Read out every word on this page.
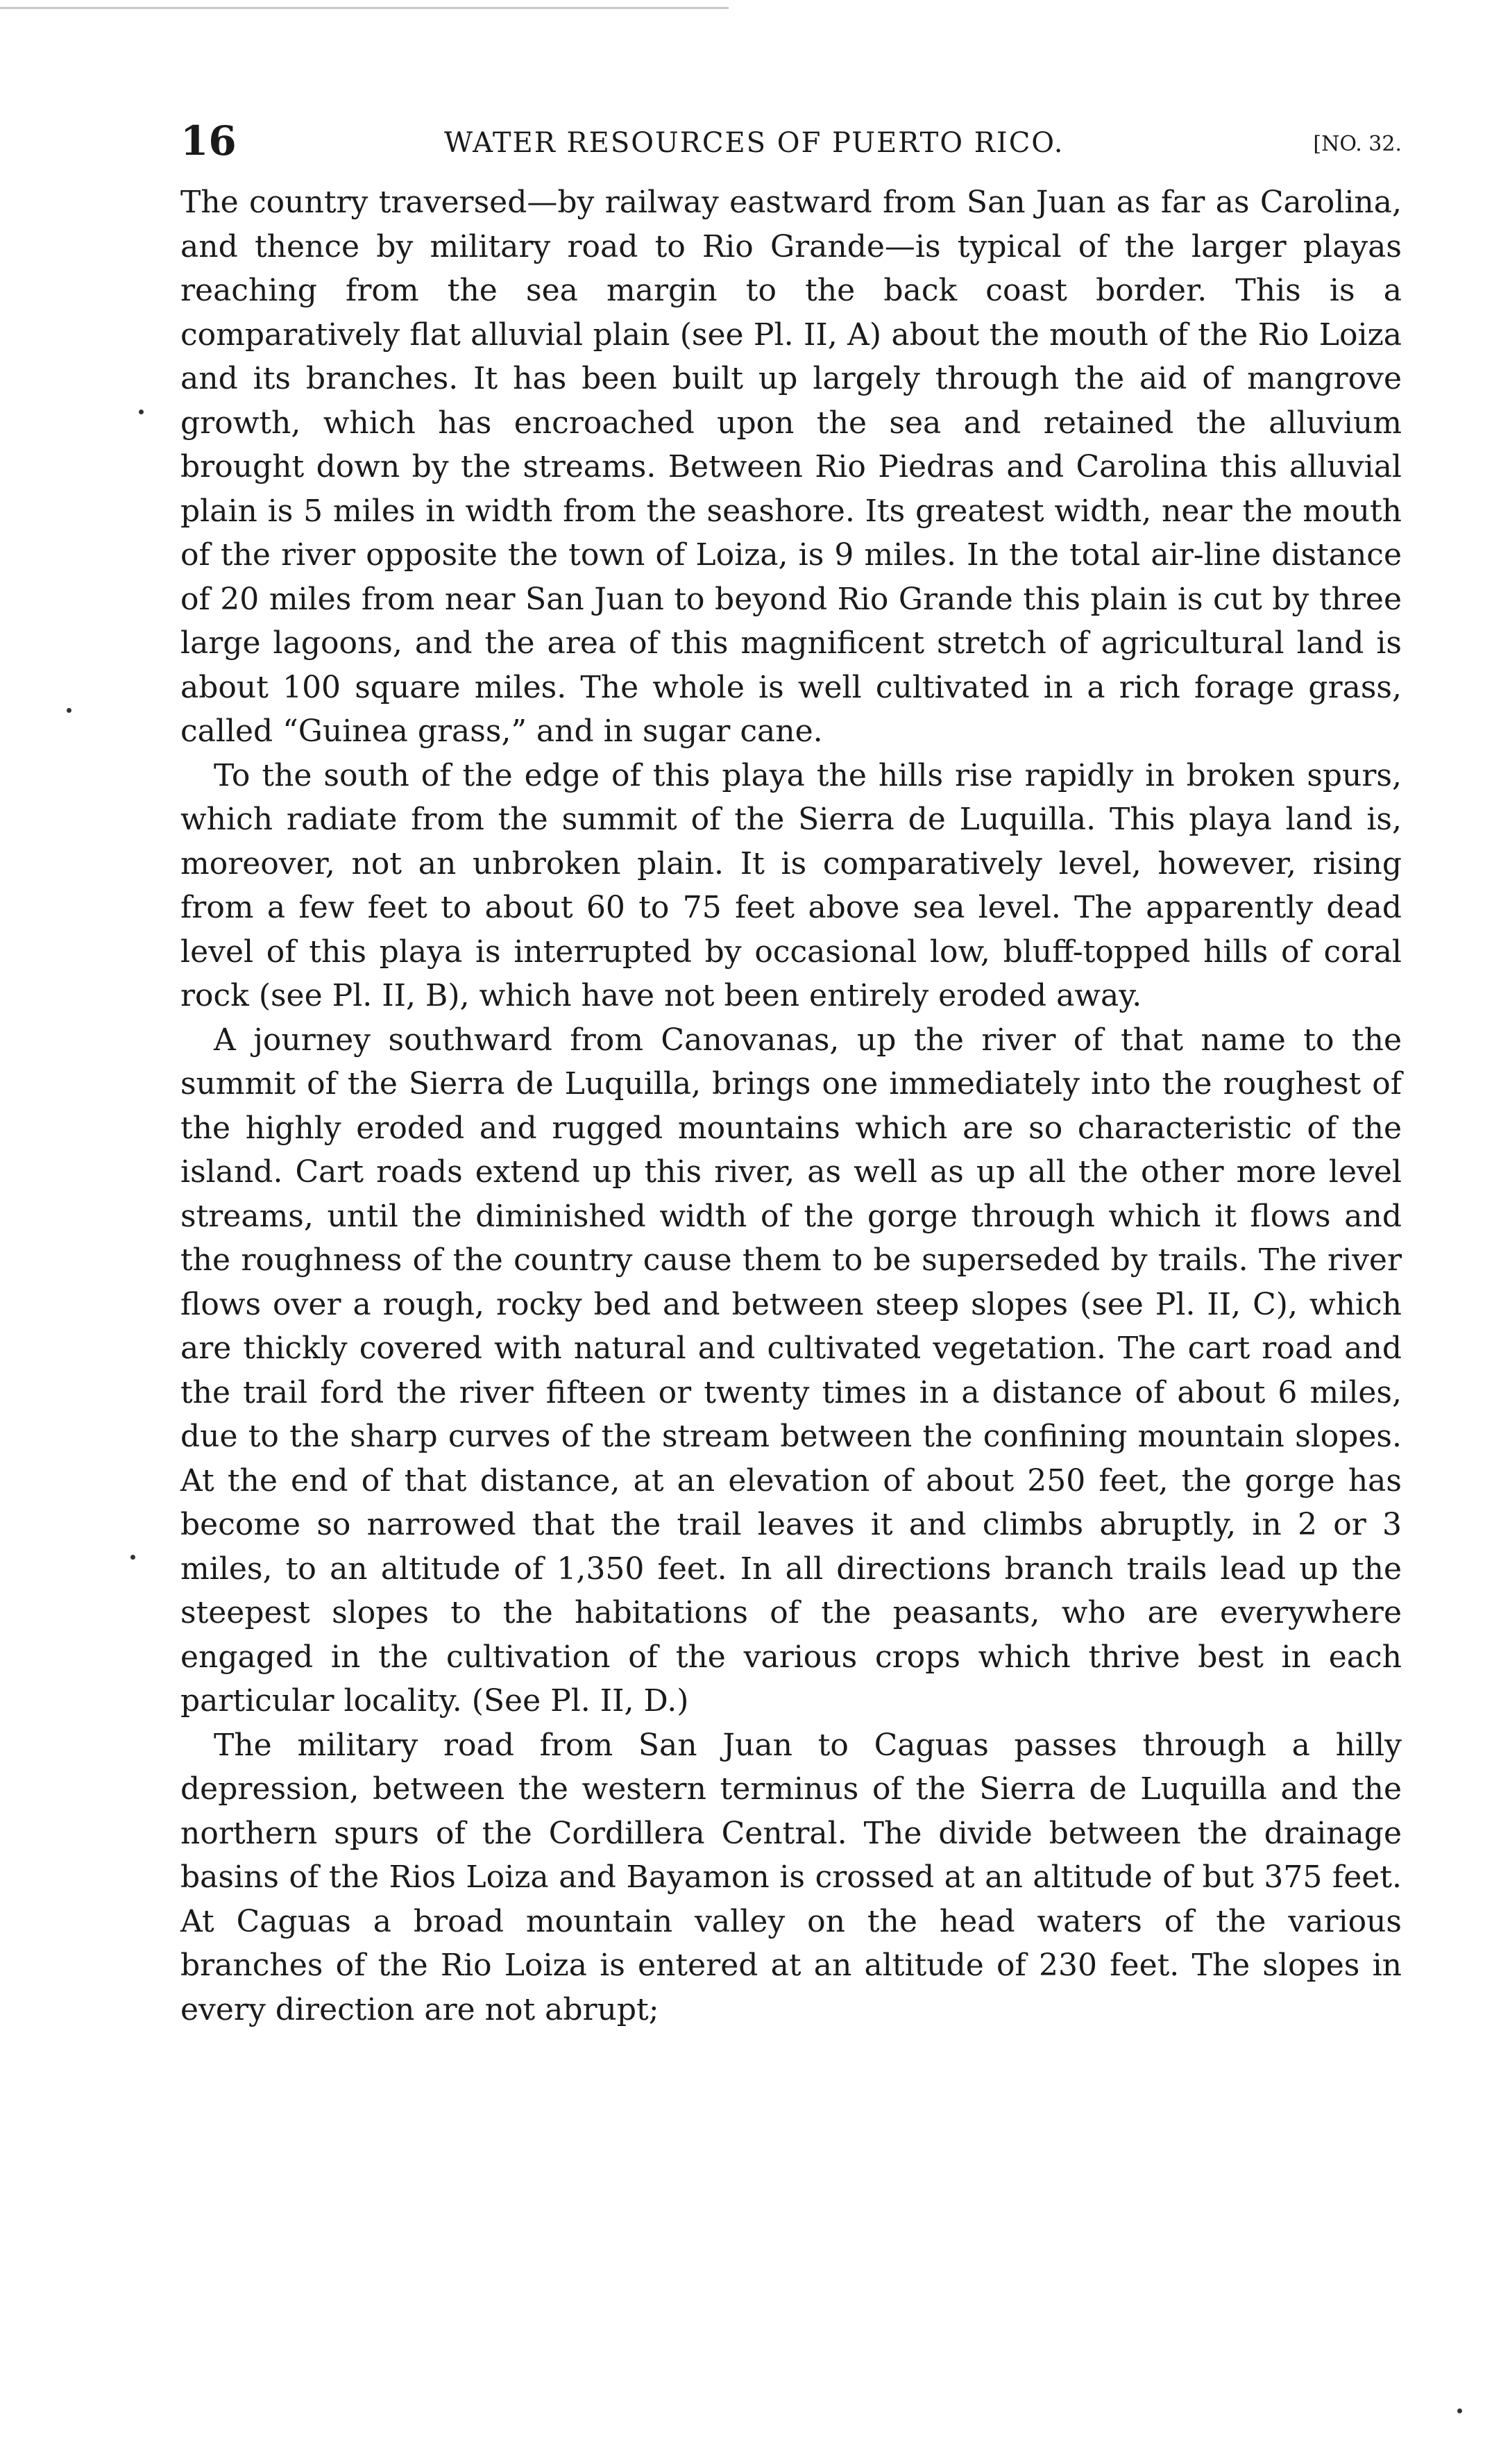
16	WATER RESOURCES OF PUERTO RICO.	[NO. 32.

The country traversed—by railway eastward from San Juan as far as Carolina, and thence by military road to Rio Grande—is typical of the larger playas reaching from the sea margin to the back coast border. This is a comparatively flat alluvial plain (see Pl. II, A) about the mouth of the Rio Loiza and its branches. It has been built up largely through the aid of mangrove growth, which has encroached upon the sea and retained the alluvium brought down by the streams. Between Rio Piedras and Carolina this alluvial plain is 5 miles in width from the seashore. Its greatest width, near the mouth of the river opposite the town of Loiza, is 9 miles. In the total air-line distance of 20 miles from near San Juan to beyond Rio Grande this plain is cut by three large lagoons, and the area of this magnificent stretch of agricultural land is about 100 square miles. The whole is well cultivated in a rich forage grass, called “Guinea grass,” and in sugar cane.

To the south of the edge of this playa the hills rise rapidly in broken spurs, which radiate from the summit of the Sierra de Luquilla. This playa land is, moreover, not an unbroken plain. It is comparatively level, however, rising from a few feet to about 60 to 75 feet above sea level. The apparently dead level of this playa is interrupted by occasional low, bluff-topped hills of coral rock (see Pl. II, B), which have not been entirely eroded away.

A journey southward from Canovanas, up the river of that name to the summit of the Sierra de Luquilla, brings one immediately into the roughest of the highly eroded and rugged mountains which are so characteristic of the island. Cart roads extend up this river, as well as up all the other more level streams, until the diminished width of the gorge through which it flows and the roughness of the country cause them to be superseded by trails. The river flows over a rough, rocky bed and between steep slopes (see Pl. II, C), which are thickly covered with natural and cultivated vegetation. The cart road and the trail ford the river fifteen or twenty times in a distance of about 6 miles, due to the sharp curves of the stream between the confining mountain slopes. At the end of that distance, at an elevation of about 250 feet, the gorge has become so narrowed that the trail leaves it and climbs abruptly, in 2 or 3 miles, to an altitude of 1,350 feet. In all directions branch trails lead up the steepest slopes to the habitations of the peasants, who are everywhere engaged in the cultivation of the various crops which thrive best in each particular locality. (See Pl. II, D.)

The military road from San Juan to Caguas passes through a hilly depression, between the western terminus of the Sierra de Luquilla and the northern spurs of the Cordillera Central. The divide between the drainage basins of the Rios Loiza and Bayamon is crossed at an altitude of but 375 feet. At Caguas a broad mountain valley on the head waters of the various branches of the Rio Loiza is entered at an altitude of 230 feet. The slopes in every direction are not abrupt;
